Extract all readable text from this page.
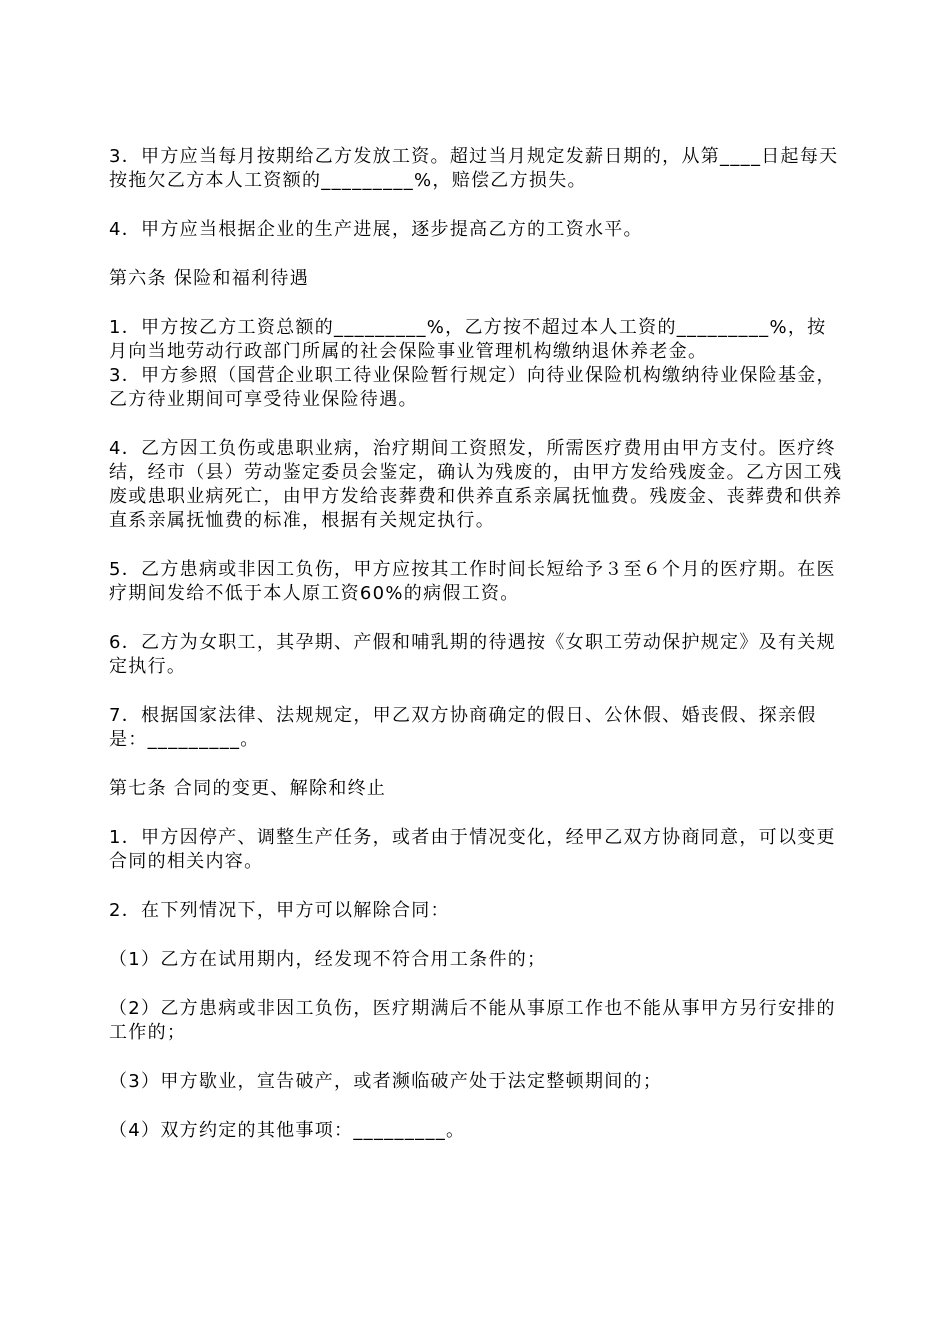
3．甲方应当每月按期给乙方发放工资。超过当月规定发薪日期的，从第____日起每天按拖欠乙方本人工资额的_________%，赔偿乙方损失。

4．甲方应当根据企业的生产进展，逐步提高乙方的工资水平。

第六条 保险和福利待遇

1．甲方按乙方工资总额的_________%，乙方按不超过本人工资的_________%，按月向当地劳动行政部门所属的社会保险事业管理机构缴纳退休养老金。

3．甲方参照（国营企业职工待业保险暂行规定）向待业保险机构缴纳待业保险基金，乙方待业期间可享受待业保险待遇。

4．乙方因工负伤或患职业病，治疗期间工资照发，所需医疗费用由甲方支付。医疗终结，经市（县）劳动鉴定委员会鉴定，确认为残废的，由甲方发给残废金。乙方因工残废或患职业病死亡，由甲方发给丧葬费和供养直系亲属抚恤费。残废金、丧葬费和供养直系亲属抚恤费的标准，根据有关规定执行。

5．乙方患病或非因工负伤，甲方应按其工作时间长短给予３至６个月的医疗期。在医疗期间发给不低于本人原工资60%的病假工资。

6．乙方为女职工，其孕期、产假和哺乳期的待遇按《女职工劳动保护规定》及有关规定执行。

7．根据国家法律、法规规定，甲乙双方协商确定的假日、公休假、婚丧假、探亲假是：_________。

第七条 合同的变更、解除和终止

1．甲方因停产、调整生产任务，或者由于情况变化，经甲乙双方协商同意，可以变更合同的相关内容。

2．在下列情况下，甲方可以解除合同：

（1）乙方在试用期内，经发现不符合用工条件的；

（2）乙方患病或非因工负伤，医疗期满后不能从事原工作也不能从事甲方另行安排的工作的；

（3）甲方歇业，宣告破产，或者濒临破产处于法定整顿期间的；

（4）双方约定的其他事项：_________。
